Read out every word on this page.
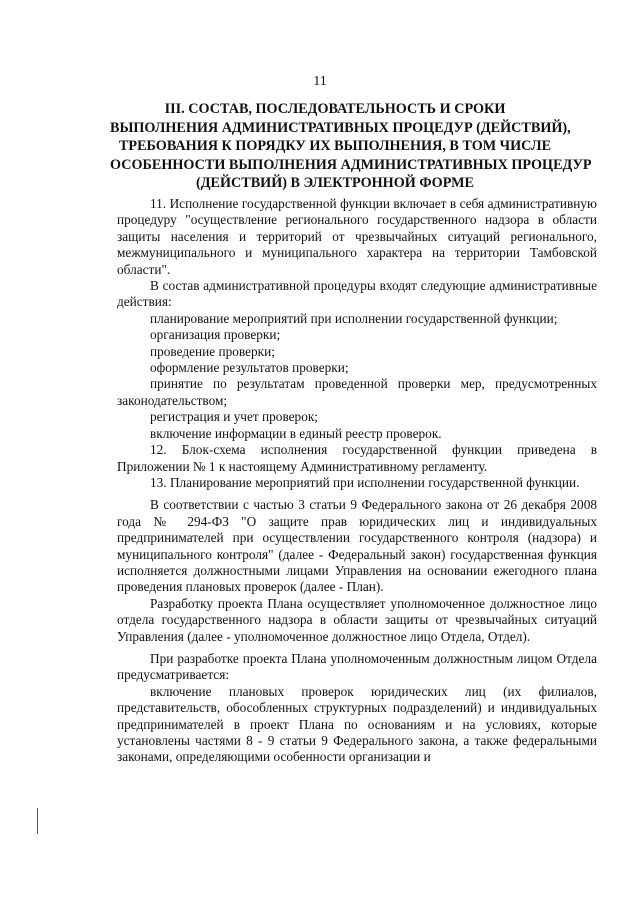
11
III. СОСТАВ, ПОСЛЕДОВАТЕЛЬНОСТЬ И СРОКИ
ВЫПОЛНЕНИЯ АДМИНИСТРАТИВНЫХ ПРОЦЕДУР (ДЕЙСТВИЙ),
ТРЕБОВАНИЯ К ПОРЯДКУ ИХ ВЫПОЛНЕНИЯ, В ТОМ ЧИСЛЕ
ОСОБЕННОСТИ ВЫПОЛНЕНИЯ АДМИНИСТРАТИВНЫХ ПРОЦЕДУР
(ДЕЙСТВИЙ) В ЭЛЕКТРОННОЙ ФОРМЕ

11. Исполнение государственной функции включает в себя административную процедуру "осуществление регионального государственного надзора в области защиты населения и территорий от чрезвычайных ситуаций регионального, межмуниципального и муниципального характера на территории Тамбовской области".

В состав административной процедуры входят следующие административные действия:

планирование мероприятий при исполнении государственной функции;

организация проверки;

проведение проверки;

оформление результатов проверки;

принятие по результатам проведенной проверки мер, предусмотренных законодательством;

регистрация и учет проверок;

включение информации в единый реестр проверок.

12. Блок-схема исполнения государственной функции приведена в Приложении № 1 к настоящему Административному регламенту.

13. Планирование мероприятий при исполнении государственной функции.

В соответствии с частью 3 статьи 9 Федерального закона от 26 декабря 2008 года № 294-ФЗ "О защите прав юридических лиц и индивидуальных предпринимателей при осуществлении государственного контроля (надзора) и муниципального контроля" (далее - Федеральный закон) государственная функция исполняется должностными лицами Управления на основании ежегодного плана проведения плановых проверок (далее - План).

Разработку проекта Плана осуществляет уполномоченное должностное лицо отдела государственного надзора в области защиты от чрезвычайных ситуаций Управления (далее - уполномоченное должностное лицо Отдела, Отдел).

При разработке проекта Плана уполномоченным должностным лицом Отдела предусматривается:

включение плановых проверок юридических лиц (их филиалов, представительств, обособленных структурных подразделений) и индивидуальных предпринимателей в проект Плана по основаниям и на условиях, которые установлены частями 8 - 9 статьи 9 Федерального закона, а также федеральными законами, определяющими особенности организации и
